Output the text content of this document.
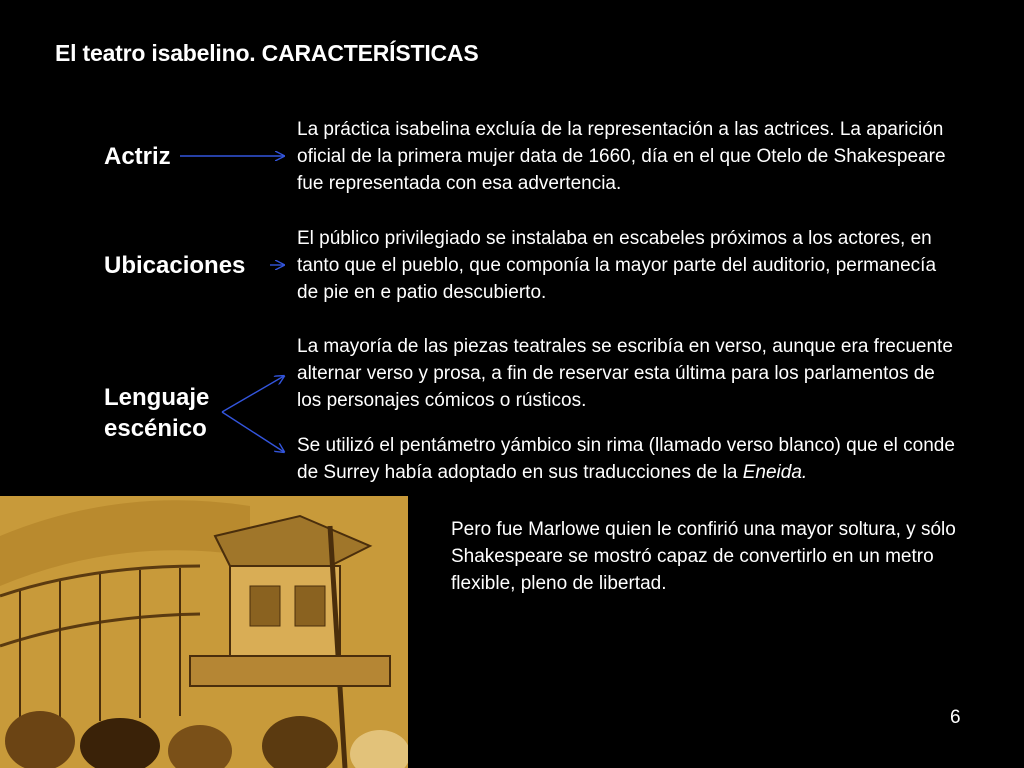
El teatro isabelino. CARACTERÍSTICAS
Actriz
Ubicaciones
Lenguaje escénico
La práctica isabelina excluía de la representación a las actrices. La aparición oficial de la primera mujer data de 1660, día en el que Otelo de Shakespeare fue representada con esa advertencia.
El público privilegiado se instalaba en escabeles próximos a los actores, en tanto que el pueblo, que componía la mayor parte del auditorio, permanecía de pie en e patio descubierto.
La mayoría de las piezas teatrales se escribía en verso, aunque era frecuente alternar verso y prosa, a fin de reservar esta última para los parlamentos de los personajes cómicos o rústicos.
Se utilizó el pentámetro yámbico sin rima (llamado verso blanco) que el conde de Surrey había adoptado en sus traducciones de la Eneida.
Pero fue Marlowe quien le confirió una mayor soltura, y sólo Shakespeare se mostró capaz de convertirlo en un metro flexible, pleno de libertad.
6
